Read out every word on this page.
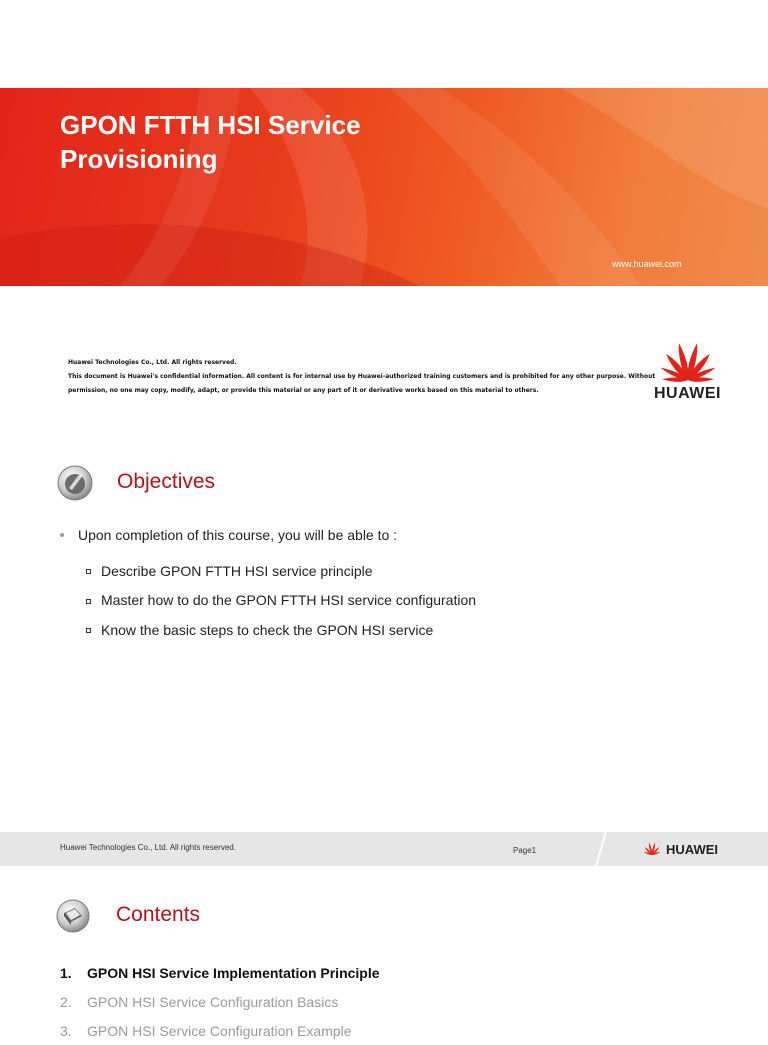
GPON FTTH HSI Service Provisioning
www.huawei.com
Huawei Technologies Co., Ltd. All rights reserved.
This document is Huawei's confidential information. All content is for internal use by Huawei-authorized training customers and is prohibited for any other purpose. Without
permission, no one may copy, modify, adapt, or provide this material or any part of it or derivative works based on this material to others.	HUAWEI
Objectives
Upon completion of this course, you will be able to :
Describe GPON FTTH HSI service principle
Master how to do the GPON FTTH HSI service configuration
Know the basic steps to check the GPON HSI service
Huawei Technologies Co., Ltd. All rights reserved.	Page1	HUAWEI
Contents
1.	GPON HSI Service Implementation Principle
2.	GPON HSI Service Configuration Basics
3.	GPON HSI Service Configuration Example
